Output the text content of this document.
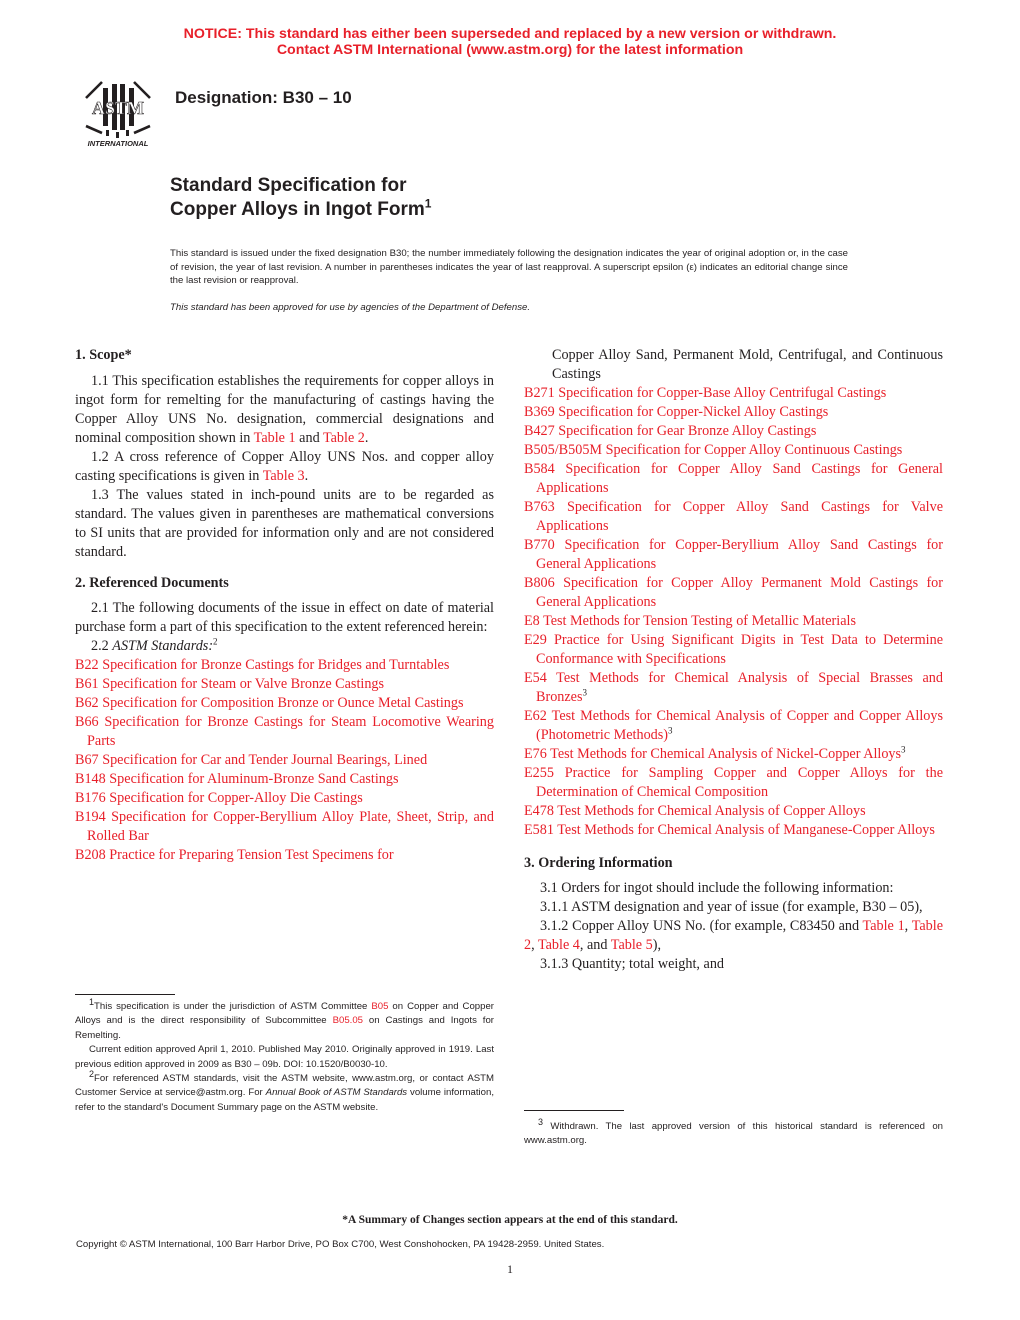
NOTICE: This standard has either been superseded and replaced by a new version or withdrawn.
Contact ASTM International (www.astm.org) for the latest information
ASTM
INTERNATIONAL
Designation: B30 – 10
Standard Specification for
Copper Alloys in Ingot Form$^1$
This standard is issued under the fixed designation B30; the number immediately following the designation indicates the year of original adoption or, in the case of revision, the year of last revision. A number in parentheses indicates the year of last reapproval. A superscript epsilon (ε) indicates an editorial change since the last revision or reapproval.
This standard has been approved for use by agencies of the Department of Defense.
1. Scope*

1.1 This specification establishes the requirements for copper alloys in ingot form for remelting for the manufacturing of castings having the Copper Alloy UNS No. designation, commercial designations and nominal composition shown in Table 1 and Table 2.

1.2 A cross reference of Copper Alloy UNS Nos. and copper alloy casting specifications is given in Table 3.

1.3 The values stated in inch-pound units are to be regarded as standard. The values given in parentheses are mathematical conversions to SI units that are provided for information only and are not considered standard.

2. Referenced Documents

2.1 The following documents of the issue in effect on date of material purchase form a part of this specification to the extent referenced herein:

2.2 ASTM Standards:$^2$

B22 Specification for Bronze Castings for Bridges and Turntables

B61 Specification for Steam or Valve Bronze Castings

B62 Specification for Composition Bronze or Ounce Metal Castings

B66 Specification for Bronze Castings for Steam Locomotive Wearing Parts

B67 Specification for Car and Tender Journal Bearings, Lined

B148 Specification for Aluminum-Bronze Sand Castings

B176 Specification for Copper-Alloy Die Castings

B194 Specification for Copper-Beryllium Alloy Plate, Sheet, Strip, and Rolled Bar

B208 Practice for Preparing Tension Test Specimens for

$^1$This specification is under the jurisdiction of ASTM Committee B05 on Copper and Copper Alloys and is the direct responsibility of Subcommittee B05.05 on Castings and Ingots for Remelting.

Current edition approved April 1, 2010. Published May 2010. Originally approved in 1919. Last previous edition approved in 2009 as B30 – 09b. DOI: 10.1520/B0030-10.

$^2$For referenced ASTM standards, visit the ASTM website, www.astm.org, or contact ASTM Customer Service at service@astm.org. For Annual Book of ASTM Standards volume information, refer to the standard's Document Summary page on the ASTM website.

Copper Alloy Sand, Permanent Mold, Centrifugal, and Continuous Castings

B271 Specification for Copper-Base Alloy Centrifugal Castings

B369 Specification for Copper-Nickel Alloy Castings

B427 Specification for Gear Bronze Alloy Castings

B505/B505M Specification for Copper Alloy Continuous Castings

B584 Specification for Copper Alloy Sand Castings for General Applications

B763 Specification for Copper Alloy Sand Castings for Valve Applications

B770 Specification for Copper-Beryllium Alloy Sand Castings for General Applications

B806 Specification for Copper Alloy Permanent Mold Castings for General Applications

E8 Test Methods for Tension Testing of Metallic Materials

E29 Practice for Using Significant Digits in Test Data to Determine Conformance with Specifications

E54 Test Methods for Chemical Analysis of Special Brasses and Bronzes$^3$

E62 Test Methods for Chemical Analysis of Copper and Copper Alloys (Photometric Methods)$^3$

E76 Test Methods for Chemical Analysis of Nickel-Copper Alloys$^3$

E255 Practice for Sampling Copper and Copper Alloys for the Determination of Chemical Composition

E478 Test Methods for Chemical Analysis of Copper Alloys

E581 Test Methods for Chemical Analysis of Manganese-Copper Alloys

3. Ordering Information

3.1 Orders for ingot should include the following information:

3.1.1 ASTM designation and year of issue (for example, B30 – 05),

3.1.2 Copper Alloy UNS No. (for example, C83450 and Table 1, Table 2, Table 4, and Table 5),

3.1.3 Quantity; total weight, and

$^3$ Withdrawn. The last approved version of this historical standard is referenced on www.astm.org.

*A Summary of Changes section appears at the end of this standard.
Copyright © ASTM International, 100 Barr Harbor Drive, PO Box C700, West Conshohocken, PA 19428-2959. United States.
1
